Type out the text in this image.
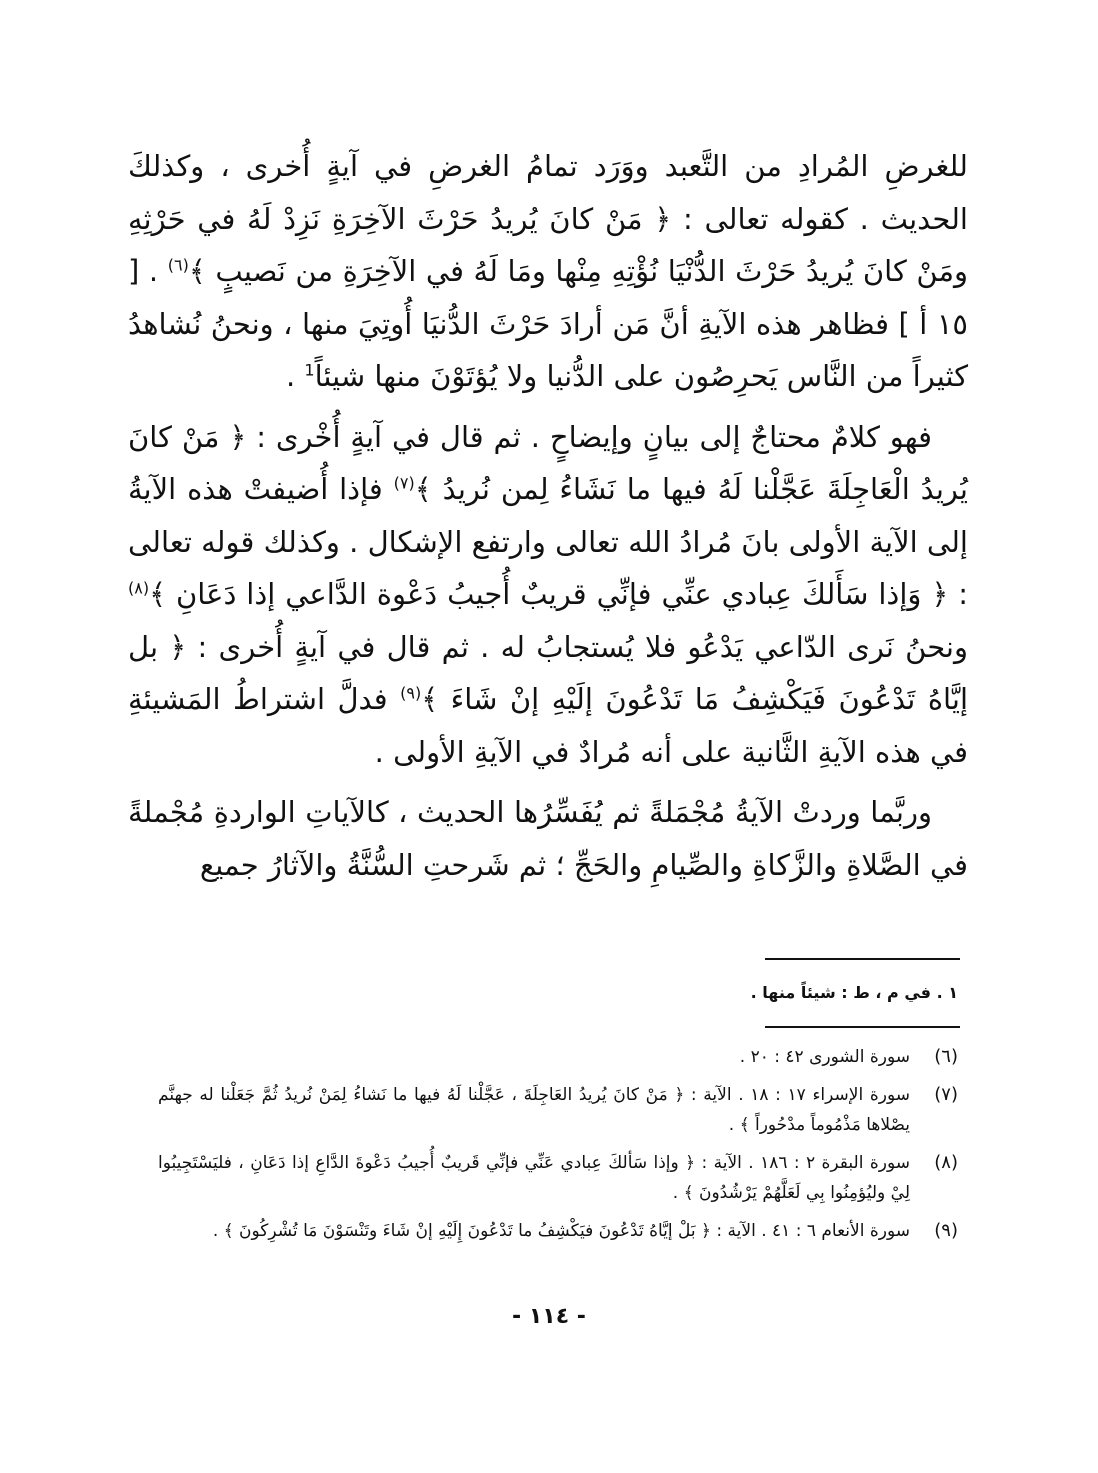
للغرضِ المُرادِ من التَّعبد ووَرَد تمامُ الغرضِ في آيةٍ أُخرى ، وكذلكَ الحديث . كقوله تعالى : ﴿ مَنْ كانَ يُريدُ حَرْثَ الآخِرَةِ نَزِدْ لَهُ في حَرْثِهِ ومَنْ كانَ يُريدُ حَرْثَ الدُّنْيَا نُؤْتِهِ مِنْها ومَا لَهُ في الآخِرَةِ من نَصيبٍ ﴾$^{(٦)}$ . [ ١٥ أ ] فظاهر هذه الآيةِ أنَّ مَن أرادَ حَرْثَ الدُّنيَا أُوتِيَ منها ، ونحنُ نُشاهدُ كثيراً من النَّاس يَحرِصُون على الدُّنيا ولا يُؤتَوْنَ منها شيئاً$^1$ .

فهو كلامٌ محتاجٌ إلى بيانٍ وإيضاحٍ . ثم قال في آيةٍ أُخْرى : ﴿ مَنْ كانَ يُريدُ الْعَاجِلَةَ عَجَّلْنا لَهُ فيها ما نَشَاءُ لِمن نُريدُ ﴾$^{(٧)}$ فإذا أُضيفتْ هذه الآيةُ إلى الآية الأولى بانَ مُرادُ الله تعالى وارتفع الإشكال . وكذلك قوله تعالى : ﴿ وَإذا سَأَلكَ عِبادي عنِّي فإنِّي قريبٌ أُجيبُ دَعْوة الدَّاعي إذا دَعَانِ ﴾$^{(٨)}$ ونحنُ نَرى الدّاعي يَدْعُو فلا يُستجابُ له . ثم قال في آيةٍ أُخرى : ﴿ بل إيَّاهُ تَدْعُونَ فَيَكْشِفُ مَا تَدْعُونَ إلَيْهِ إنْ شَاءَ ﴾$^{(٩)}$ فدلَّ اشتراطُ المَشيئةِ في هذه الآيةِ الثَّانية على أنه مُرادٌ في الآيةِ الأولى .

وربَّما وردتْ الآيةُ مُجْمَلةً ثم يُفَسِّرُها الحديث ، كالآياتِ الواردةِ مُجْملةً في الصَّلاةِ والزَّكاةِ والصِّيامِ والحَجِّ ؛ ثم شَرحتِ السُّنَّةُ والآثارُ جميع

١ . في م ، ط : شيئاً منها .
(٦)
سورة الشورى ٤٢ : ٢٠ .
(٧)
سورة الإسراء ١٧ : ١٨ . الآية : ﴿ مَنْ كانَ يُريدُ العَاجِلَةَ ، عَجَّلْنا لَهُ فيها ما نَشاءُ لِمَنْ نُريدُ ثُمَّ جَعَلْنا له جهنَّم يصْلاها مَذْمُوماً مدْحُوراً ﴾ .
(٨)
سورة البقرة ٢ : ١٨٦ . الآية : ﴿ وإذا سَألكَ عِبادي عَنِّي فإنِّي قَريبٌ أُجيبُ دَعْوةَ الدَّاعِ إذا دَعَانِ ، فليَسْتَجِيبُوا لِيْ وليُؤمِنُوا بِي لَعَلَّهُمْ يَرْشُدُونَ ﴾ .
(٩)
سورة الأنعام ٦ : ٤١ . الآية : ﴿ بَلْ إيَّاهُ تَدْعُونَ فيَكْشِفُ ما تَدْعُونَ إِلَيْهِ إنْ شَاءَ وتَنْسَوْنَ مَا تُشْرِكُونَ ﴾ .
- ١١٤ -
